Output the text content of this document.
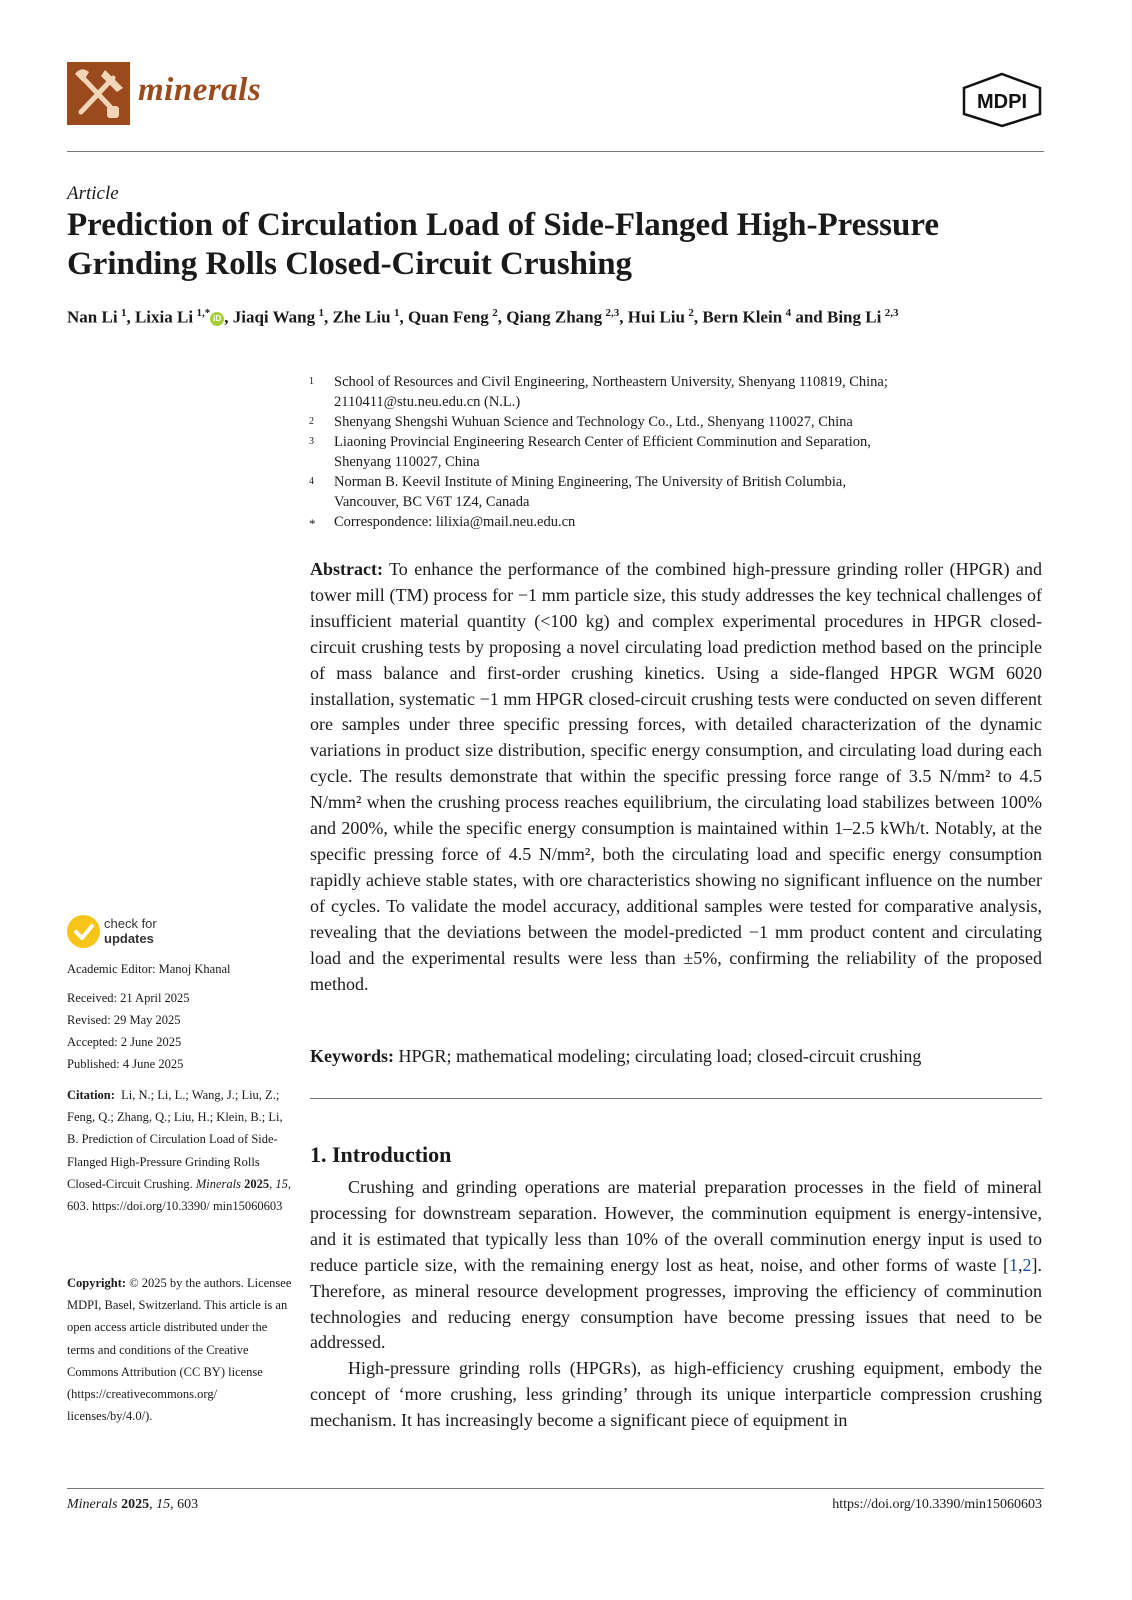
minerals	MDPI
Article
Prediction of Circulation Load of Side-Flanged High-Pressure Grinding Rolls Closed-Circuit Crushing
Nan Li  $^1$, Lixia Li  $^{1,*}$ iD , Jiaqi Wang  $^1$, Zhe Liu  $^1$, Quan Feng  $^2$, Qiang Zhang  $^{2,3}$, Hui Liu  $^2$, Bern Klein  $^4$ and Bing Li  $^{2,3}$
1 School of Resources and Civil Engineering, Northeastern University, Shenyang 110819, China;
2110411@stu.neu.edu.cn (N.L.)
2 Shenyang Shengshi Wuhuan Science and Technology Co., Ltd., Shenyang 110027, China
3 Liaoning Provincial Engineering Research Center of Efficient Comminution and Separation,
Shenyang 110027, China
4 Norman B. Keevil Institute of Mining Engineering, The University of British Columbia,
Vancouver, BC V6T 1Z4, Canada
* Correspondence: lilixia@mail.neu.edu.cn
Abstract: To enhance the performance of the combined high-pressure grinding roller (HPGR) and tower mill (TM) process for −1 mm particle size, this study addresses the key technical challenges of insufficient material quantity (<100 kg) and complex experimental procedures in HPGR closed-circuit crushing tests by proposing a novel circulating load prediction method based on the principle of mass balance and first-order crushing kinetics. Using a side-flanged HPGR WGM 6020 installation, systematic −1 mm HPGR closed-circuit crushing tests were conducted on seven different ore samples under three specific pressing forces, with detailed characterization of the dynamic variations in product size distribution, specific energy consumption, and circulating load during each cycle. The results demonstrate that within the specific pressing force range of 3.5 N/mm² to 4.5 N/mm² when the crushing process reaches equilibrium, the circulating load stabilizes between 100% and 200%, while the specific energy consumption is maintained within 1–2.5 kWh/t. Notably, at the specific pressing force of 4.5 N/mm², both the circulating load and specific energy consumption rapidly achieve stable states, with ore characteristics showing no significant influence on the number of cycles. To validate the model accuracy, additional samples were tested for comparative analysis, revealing that the deviations between the model-predicted −1 mm product content and circulating load and the experimental results were less than ±5%, confirming the reliability of the proposed method.
Keywords: HPGR; mathematical modeling; circulating load; closed-circuit crushing
1. Introduction

Crushing and grinding operations are material preparation processes in the field of mineral processing for downstream separation. However, the comminution equipment is energy-intensive, and it is estimated that typically less than 10% of the overall comminution energy input is used to reduce particle size, with the remaining energy lost as heat, noise, and other forms of waste [1,2]. Therefore, as mineral resource development progresses, improving the efficiency of comminution technologies and reducing energy consumption have become pressing issues that need to be addressed.

High-pressure grinding rolls (HPGRs), as high-efficiency crushing equipment, embody the concept of ‘more crushing, less grinding’ through its unique interparticle compression crushing mechanism. It has increasingly become a significant piece of equipment in

check for
updates
Academic Editor: Manoj Khanal
Received: 21 April 2025
Revised: 29 May 2025
Accepted: 2 June 2025
Published: 4 June 2025
Citation: Li, N.; Li, L.; Wang, J.; Liu, Z.; Feng, Q.; Zhang, Q.; Liu, H.; Klein, B.; Li, B. Prediction of Circulation Load of Side-Flanged High-Pressure Grinding Rolls Closed-Circuit Crushing. Minerals 2025, 15, 603. https://doi.org/10.3390/ min15060603
Copyright: © 2025 by the authors. Licensee MDPI, Basel, Switzerland. This article is an open access article distributed under the terms and conditions of the Creative Commons Attribution (CC BY) license (https://creativecommons.org/ licenses/by/4.0/).
Minerals 2025, 15, 603	https://doi.org/10.3390/min15060603
